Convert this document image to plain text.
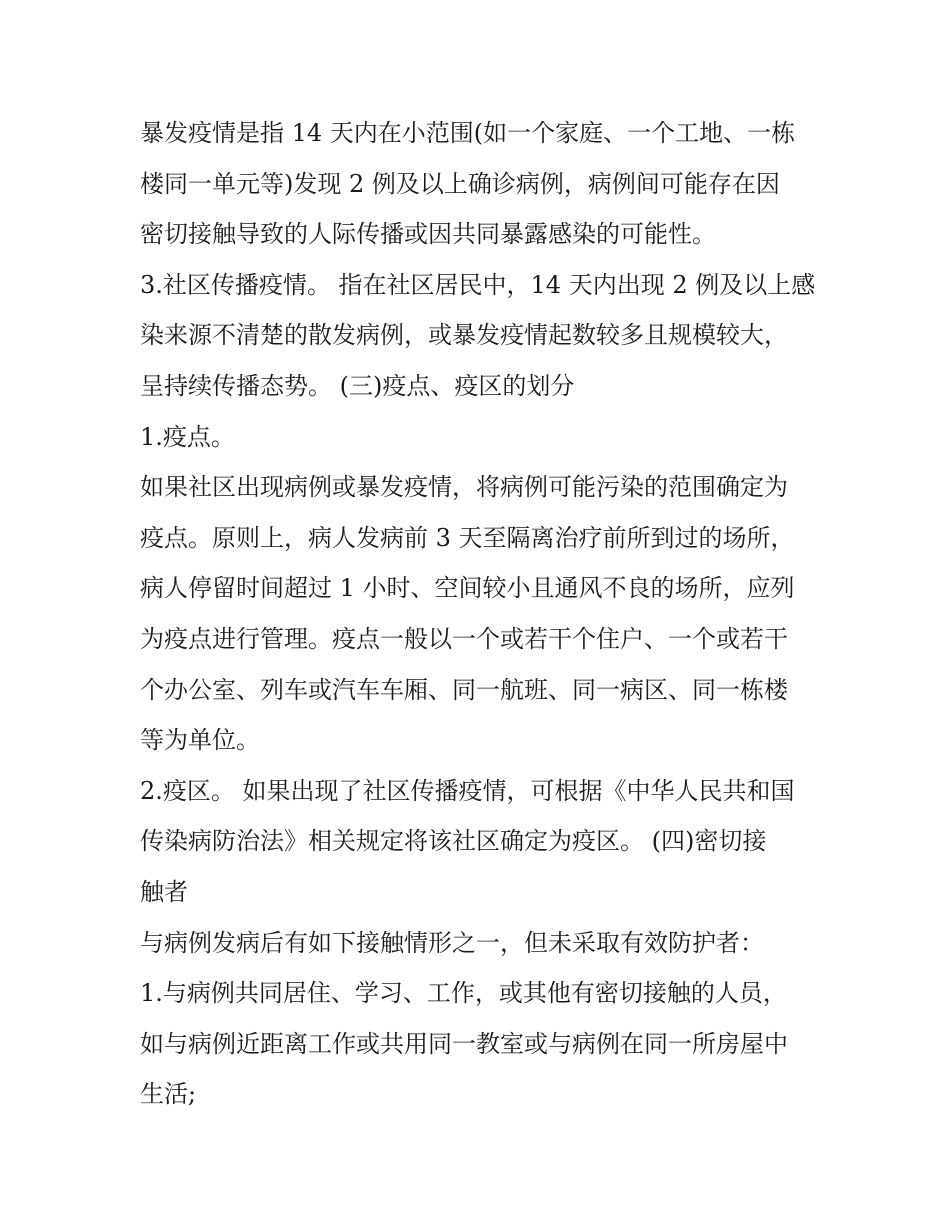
暴发疫情是指 14 天内在小范围(如一个家庭、一个工地、一栋
楼同一单元等)发现 2 例及以上确诊病例，病例间可能存在因
密切接触导致的人际传播或因共同暴露感染的可能性。
3.社区传播疫情。 指在社区居民中，14 天内出现 2 例及以上感
染来源不清楚的散发病例，或暴发疫情起数较多且规模较大，
呈持续传播态势。 (三)疫点、疫区的划分
1.疫点。
如果社区出现病例或暴发疫情，将病例可能污染的范围确定为
疫点。原则上，病人发病前 3 天至隔离治疗前所到过的场所，
病人停留时间超过 1 小时、空间较小且通风不良的场所，应列
为疫点进行管理。疫点一般以一个或若干个住户、一个或若干
个办公室、列车或汽车车厢、同一航班、同一病区、同一栋楼
等为单位。
2.疫区。 如果出现了社区传播疫情，可根据《中华人民共和国
传染病防治法》相关规定将该社区确定为疫区。 (四)密切接
触者
与病例发病后有如下接触情形之一，但未采取有效防护者：
1.与病例共同居住、学习、工作，或其他有密切接触的人员，
如与病例近距离工作或共用同一教室或与病例在同一所房屋中
生活;
